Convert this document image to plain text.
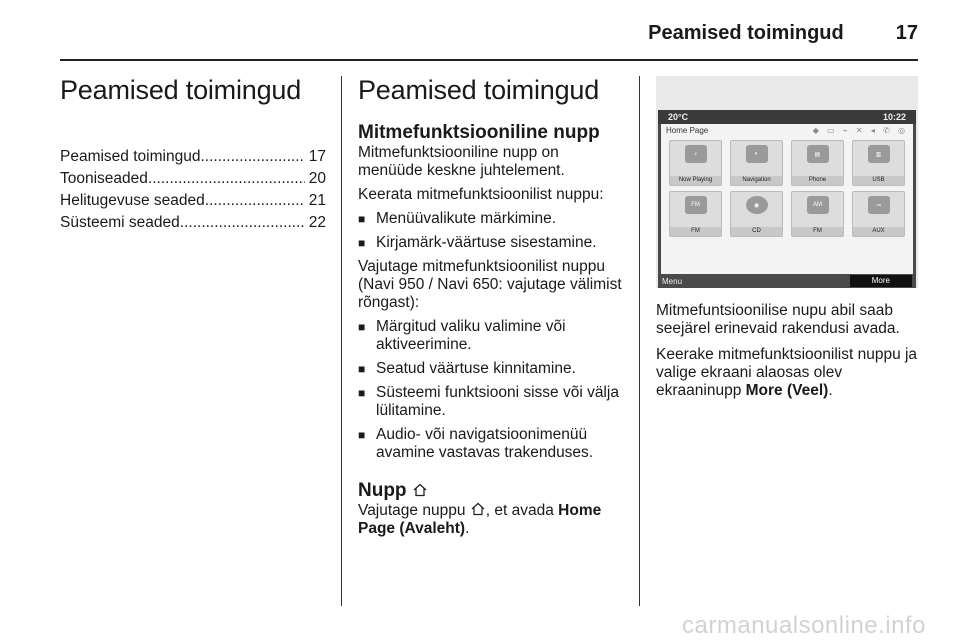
Peamised toimingud	17
Peamised toimingud
Peamised toimingud .....	17
Tooniseaded .....	20
Helitugevuse seaded .....	21
Süsteemi seaded .....	22
Peamised toimingud
Mitmefunktsiooniline nupp

Mitmefunktsiooniline nupp on menüüde keskne juhtelement.

Keerata mitmefunktsioonilist nuppu:

■ Menüüvalikute märkimine.
■ Kirjamärk-väärtuse sisestamine.

Vajutage mitmefunktsioonilist nuppu (Navi 950 / Navi 650: vajutage välimist rõngast):

■ Märgitud valiku valimine või aktiveerimine.
■ Seatud väärtuse kinnitamine.
■ Süsteemi funktsiooni sisse või välja lülitamine.
■ Audio- või navigatsioonimenüü avamine vastavas trakenduses.
Nupp

Vajutage nuppu , et avada Home Page (Avaleht).

20°C	10:22
Home Page	◆ ▭ ⌁ ✕ ◂ ✆ ◎
♪
Now Playing
◐
Navigation
▤
Phone
▥
USB
FM
FM
◉
CD
AM
FM
⊸
AUX
Menu	More

Mitmefuntsioonilise nupu abil saab seejärel erinevaid rakendusi avada.

Keerake mitmefunktsioonilist nuppu ja valige ekraani alaosas olev ekraaninupp More (Veel).

carmanualsonline.info
